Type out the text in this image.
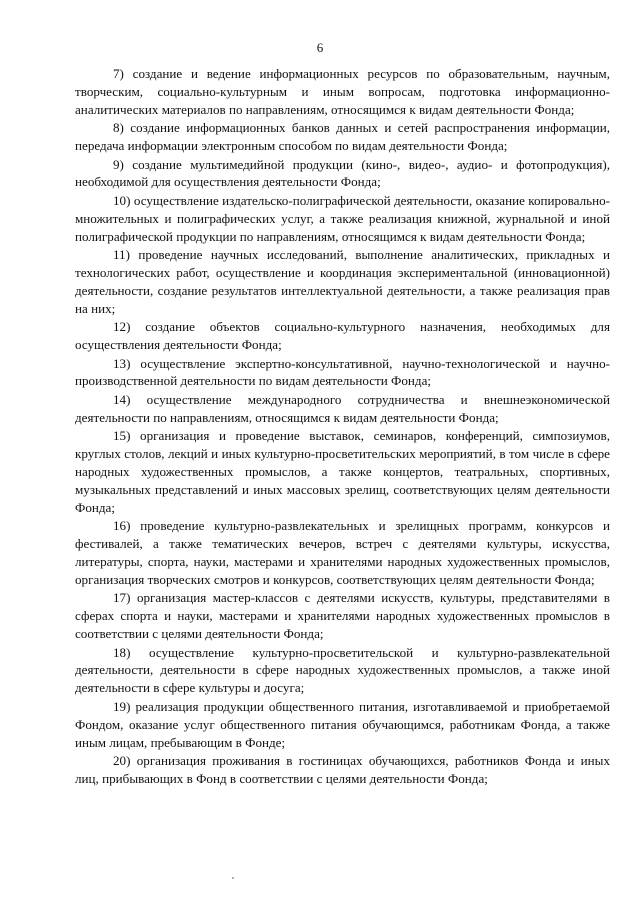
6

7) создание и ведение информационных ресурсов по образовательным, научным, творческим, социально-культурным и иным вопросам, подготовка информационно-аналитических материалов по направлениям, относящимся к видам деятельности Фонда;

8) создание информационных банков данных и сетей распространения информации, передача информации электронным способом по видам деятельности Фонда;

9) создание мультимедийной продукции (кино-, видео-, аудио- и фотопродукция), необходимой для осуществления деятельности Фонда;

10) осуществление издательско-полиграфической деятельности, оказание копировально-множительных и полиграфических услуг, а также реализация книжной, журнальной и иной полиграфической продукции по направлениям, относящимся к видам деятельности Фонда;

11) проведение научных исследований, выполнение аналитических, прикладных и технологических работ, осуществление и координация экспериментальной (инновационной) деятельности, создание результатов интеллектуальной деятельности, а также реализация прав на них;

12) создание объектов социально-культурного назначения, необходимых для осуществления деятельности Фонда;

13) осуществление экспертно-консультативной, научно-технологической и научно-производственной деятельности по видам деятельности Фонда;

14) осуществление международного сотрудничества и внешнеэкономической деятельности по направлениям, относящимся к видам деятельности Фонда;

15) организация и проведение выставок, семинаров, конференций, симпозиумов, круглых столов, лекций и иных культурно-просветительских мероприятий, в том числе в сфере народных художественных промыслов, а также концертов, театральных, спортивных, музыкальных представлений и иных массовых зрелищ, соответствующих целям деятельности Фонда;

16) проведение культурно-развлекательных и зрелищных программ, конкурсов и фестивалей, а также тематических вечеров, встреч с деятелями культуры, искусства, литературы, спорта, науки, мастерами и хранителями народных художественных промыслов, организация творческих смотров и конкурсов, соответствующих целям деятельности Фонда;

17) организация мастер-классов с деятелями искусств, культуры, представителями в сферах спорта и науки, мастерами и хранителями народных художественных промыслов в соответствии с целями деятельности Фонда;

18) осуществление культурно-просветительской и культурно-развлекательной деятельности, деятельности в сфере народных художественных промыслов, а также иной деятельности в сфере культуры и досуга;

19) реализация продукции общественного питания, изготавливаемой и приобретаемой Фондом, оказание услуг общественного питания обучающимся, работникам Фонда, а также иным лицам, пребывающим в Фонде;

20) организация проживания в гостиницах обучающихся, работников Фонда и иных лиц, прибывающих в Фонд в соответствии с целями деятельности Фонда;
